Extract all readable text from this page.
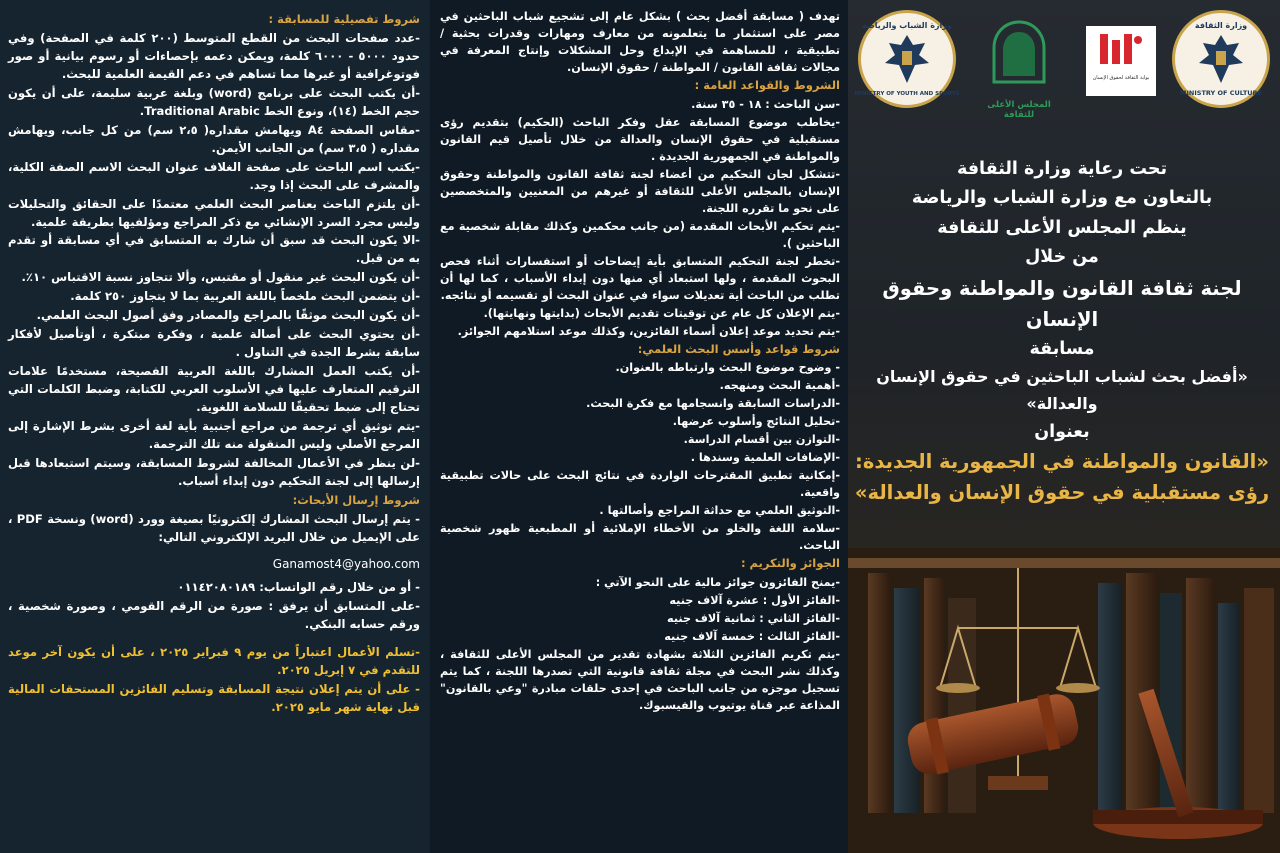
وزارة الثقافة
MINISTRY OF CULTURE
بوابة الثقافة لحقوق الإنسان
المجلس الأعلى للثقافة
وزارة الشباب والرياضة
MINISTRY OF YOUTH AND SPORTS

تحت رعاية وزارة الثقافة

بالتعاون مع وزارة الشباب والرياضة

ينظم المجلس الأعلى للثقافة

من خلال

لجنة ثقافة القانون والمواطنة وحقوق الإنسان

مسابقة

«أفضل بحث لشباب الباحثين في حقوق الإنسان والعدالة»

بعنوان

«القانون والمواطنة في الجمهورية الجديدة:

رؤى مستقبلية في حقوق الإنسان والعدالة»

تهدف ( مسابقة أفضل بحث ) بشكل عام إلى تشجيع شباب الباحثين في مصر على استثمار ما يتعلمونه من معارف ومهارات وقدرات بحثية / تطبيقية ، للمساهمة في الإبداع وحل المشكلات وإنتاج المعرفة في مجالات ثقافة القانون / المواطنة / حقوق الإنسان.

الشروط والقواعد العامة :

-سن الباحث : ١٨ - ٣٥ سنة.

-يخاطب موضوع المسابقة عقل وفكر الباحث (الحكيم) بتقديم رؤى مستقبلية في حقوق الإنسان والعدالة من خلال تأصيل قيم القانون والمواطنة في الجمهورية الجديدة .

-تتشكل لجان التحكيم من أعضاء لجنة ثقافة القانون والمواطنة وحقوق الإنسان بالمجلس الأعلى للثقافة أو غيرهم من المعنيين والمتخصصين على نحو ما تقرره اللجنة.

-يتم تحكيم الأبحاث المقدمة (من جانب محكمين وكذلك مقابلة شخصية مع الباحثين ).

-تخطر لجنة التحكيم المتسابق بأية إيضاحات أو استفسارات أثناء فحص البحوث المقدمة ، ولها استبعاد أي منها دون إبداء الأسباب ، كما لها أن تطلب من الباحث أية تعديلات سواء في عنوان البحث أو تقسيمه أو نتائجه.

-يتم الإعلان كل عام عن توقيتات تقديم الأبحاث (بدايتها ونهايتها).

-يتم تحديد موعد إعلان أسماء الفائزين، وكذلك موعد استلامهم الجوائز.

شروط قواعد وأسس البحث العلمي:

- وضوح موضوع البحث وارتباطه بالعنوان.

-أهمية البحث ومنهجه.

-الدراسات السابقة وانسجامها مع فكرة البحث.

-تحليل النتائج وأسلوب عرضها.

-التوازن بين أقسام الدراسة.

-الإضافات العلمية وسندها .

-إمكانية تطبيق المقترحات الواردة في نتائج البحث على حالات تطبيقية واقعية.

-التوثيق العلمي مع حداثة المراجع وأصالتها .

-سلامة اللغة والخلو من الأخطاء الإملائية أو المطبعية ظهور شخصية الباحث.

الجوائز والتكريم :

-يمنح الفائزون جوائز مالية على النحو الآتي :

-الفائز الأول : عشرة آلاف جنيه

-الفائز الثاني : ثمانية آلاف جنيه

-الفائز الثالث : خمسة آلاف جنيه

-يتم تكريم الفائزين الثلاثة بشهادة تقدير من المجلس الأعلى للثقافة ، وكذلك نشر البحث في مجلة ثقافة قانونية التي تصدرها اللجنة ، كما يتم تسجيل موجزه من جانب الباحث في إحدى حلقات مبادرة "وعي بالقانون" المذاعة عبر قناة يوتيوب والفيسبوك.

شروط تفصيلية للمسابقة :

-عدد صفحات البحث من القطع المتوسط (٢٠٠ كلمة في الصفحة) وفي حدود ٥٠٠٠ - ٦٠٠٠ كلمة، ويمكن دعمه بإحصاءات أو رسوم بيانية أو صور فوتوغرافية أو غيرها مما تساهم في دعم القيمة العلمية للبحث.

-أن يكتب البحث على برنامج (word) وبلغة عربية سليمة، على أن يكون حجم الخط (١٤)، ونوع الخط Traditional Arabic.

-مقاس الصفحة A٤ ويهامش مقداره( ٢،٥ سم) من كل جانب، ويهامش مقداره ( ٣،٥ سم) من الجانب الأيمن.

-يكتب اسم الباحث على صفحة الغلاف عنوان البحث الاسم الصفة الكلية، والمشرف على البحث إذا وجد.

-أن يلتزم الباحث بعناصر البحث العلمي معتمدًا على الحقائق والتحليلات وليس مجرد السرد الإنشائي مع ذكر المراجع ومؤلفيها بطريقة علمية.

-الا يكون البحث قد سبق أن شارك به المتسابق في أي مسابقة أو تقدم به من قبل.

-أن يكون البحث غير منقول أو مقتبس، وألا تتجاوز نسبة الاقتباس ١٠٪.

-أن يتضمن البحث ملخصاً باللغة العربية بما لا يتجاوز ٢٥٠ كلمة.

-أن يكون البحث موثقًا بالمراجع والمصادر وفق أصول البحث العلمي.

-أن يحتوي البحث على أصالة علمية ، وفكرة مبتكرة ، أوتأصيل لأفكار سابقة بشرط الجدة في التناول .

-أن يكتب العمل المشارك باللغة العربية الفصيحة، مستخدمًا علامات الترقيم المتعارف عليها في الأسلوب العربي للكتابة، وضبط الكلمات التي تحتاج إلى ضبط تحقيقًا للسلامة اللغوية.

-يتم توثيق أي ترجمة من مراجع أجنبية بأية لغة أخرى بشرط الإشارة إلى المرجع الأصلي وليس المنقولة منه تلك الترجمة.

-لن ينظر في الأعمال المخالفة لشروط المسابقة، وسيتم استبعادها قبل إرسالها إلى لجنة التحكيم دون إبداء أسباب.

شروط إرسال الأبحاث:

- يتم إرسال البحث المشارك إلكترونيًا بصيغة وورد (word) ونسخة PDF ، على الإيميل من خلال البريد الإلكتروني التالي:

Ganamost4@yahoo.com

- أو من خلال رقم الواتساب: ٠١١٤٢٠٨٠١٨٩

-على المتسابق أن يرفق : صورة من الرقم القومي ، وصورة شخصية ، ورقم حسابه البنكي.

-تسلم الأعمال اعتباراً من يوم ٩ فبراير ٢٠٢٥ ، على أن يكون آخر موعد للتقدم في ٧ إبريل ٢٠٢٥.

- على أن يتم إعلان نتيجة المسابقة وتسليم الفائزين المستحقات المالية قبل نهاية شهر مايو ٢٠٢٥.
